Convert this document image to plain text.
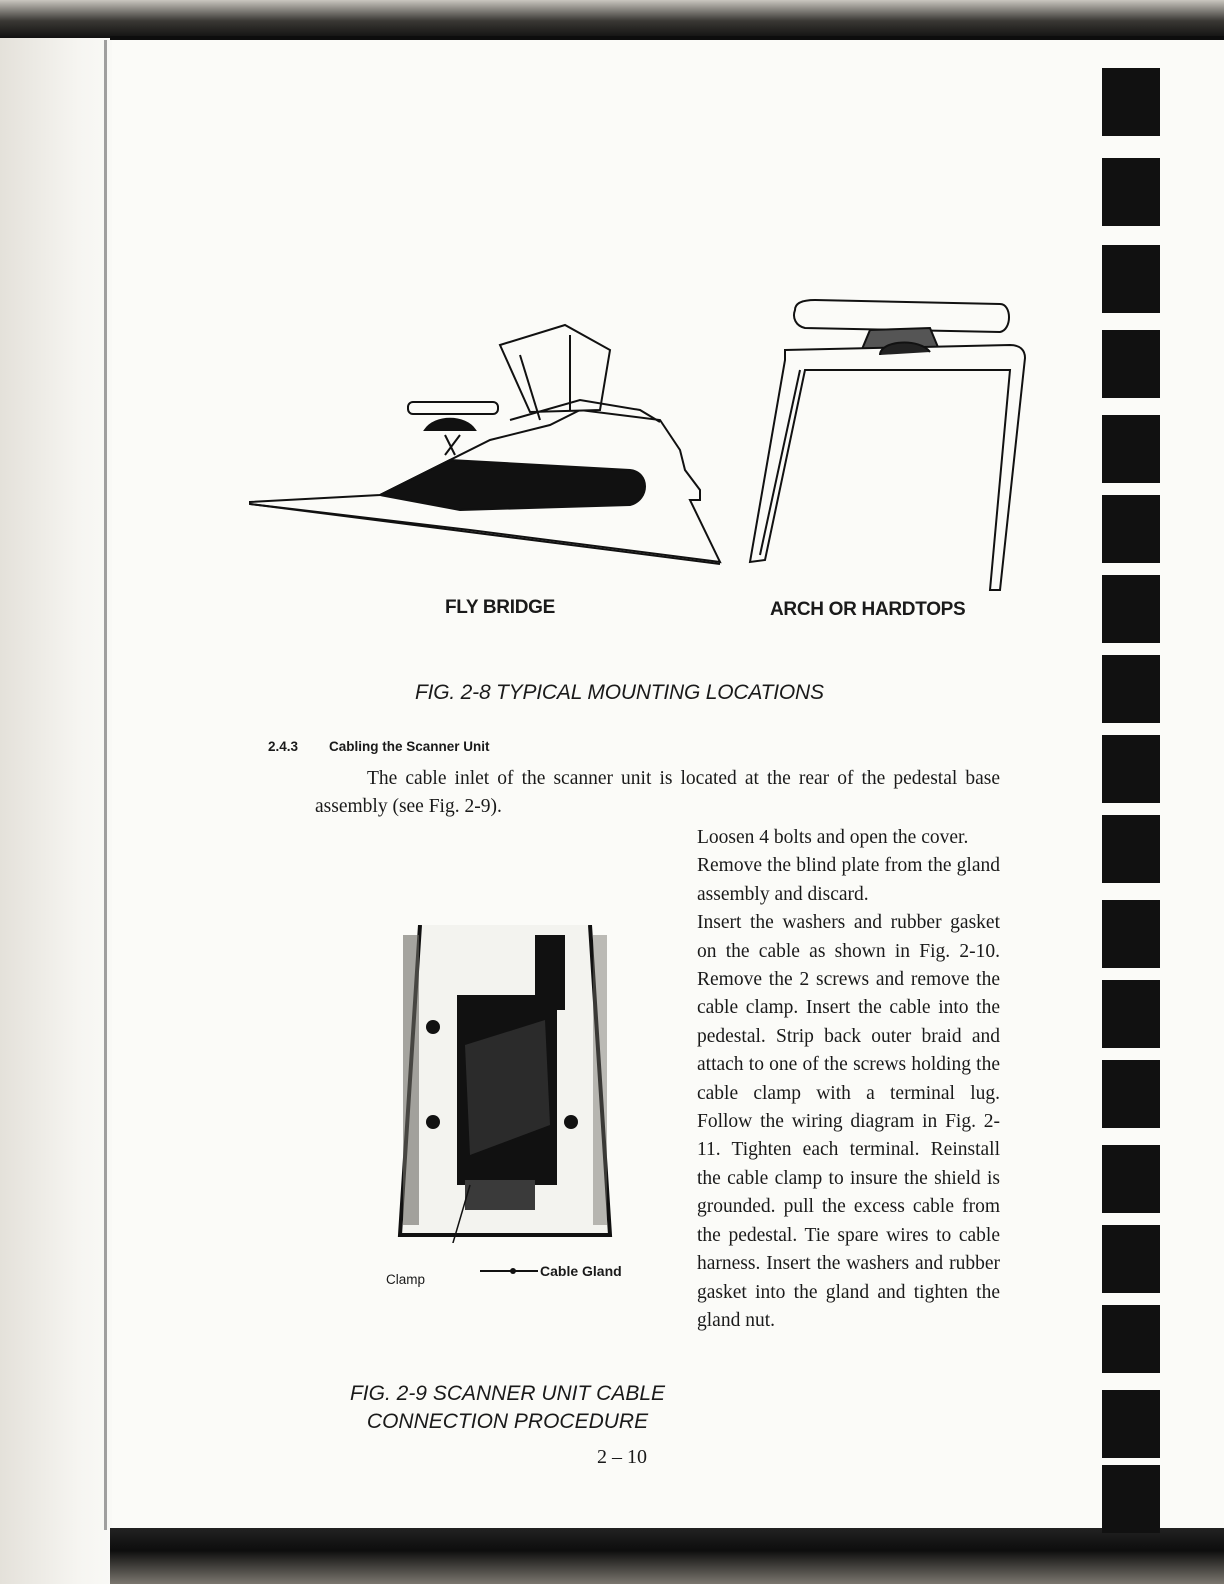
FLY BRIDGE	ARCH OR HARDTOPS
FIG. 2-8 TYPICAL MOUNTING LOCATIONS
2.4.3 Cabling the Scanner Unit
The cable inlet of the scanner unit is located at the rear of the pedestal base assembly (see Fig. 2-9).

Loosen 4 bolts and open the cover.

Remove the blind plate from the gland assembly and discard.

Insert the washers and rubber gasket on the cable as shown in Fig. 2-10. Remove the 2 screws and remove the cable clamp. Insert the cable into the pedestal. Strip back outer braid and attach to one of the screws holding the cable clamp with a terminal lug. Follow the wiring diagram in Fig. 2-11. Tighten each terminal. Reinstall the cable clamp to insure the shield is grounded. pull the excess cable from the pedestal. Tie spare wires to cable harness. Insert the washers and rubber gasket into the gland and tighten the gland nut.

Clamp
Cable Gland
FIG. 2-9 SCANNER UNIT CABLE
CONNECTION PROCEDURE
2 – 10
